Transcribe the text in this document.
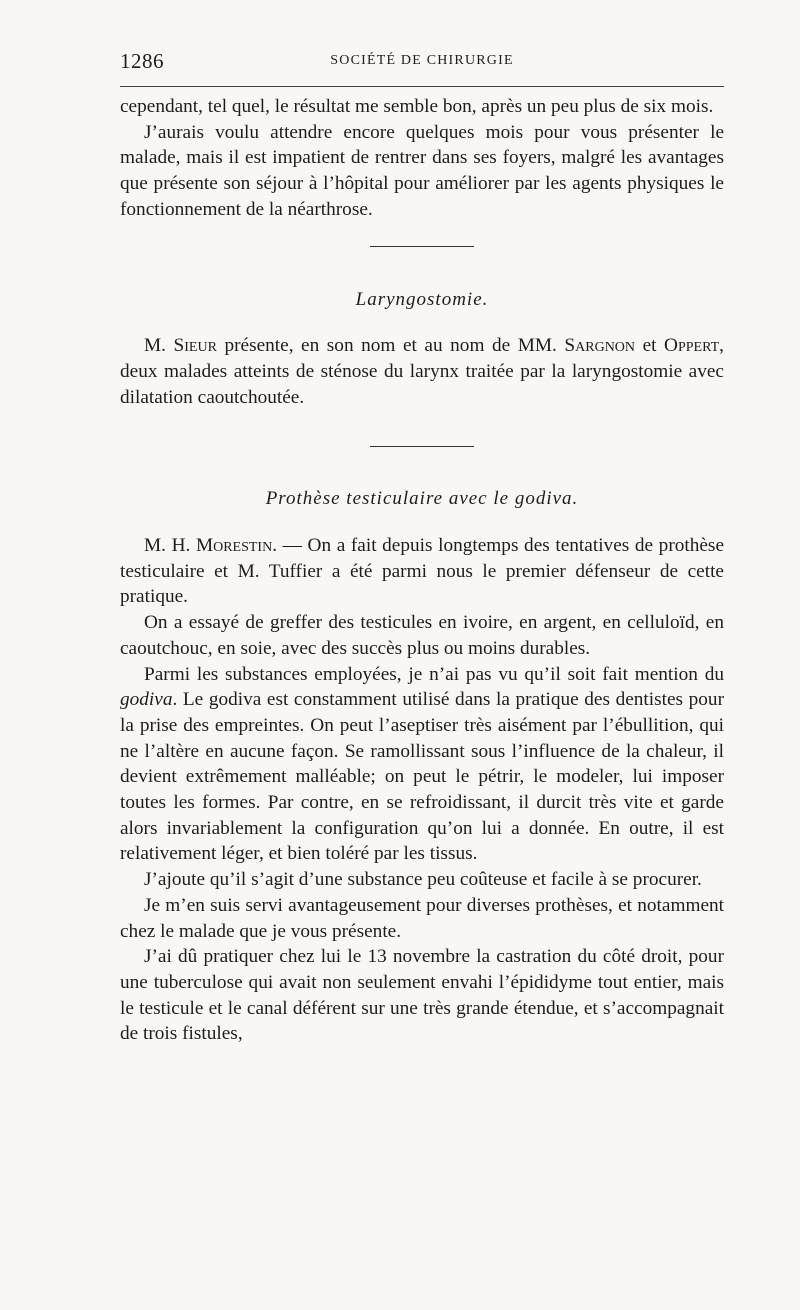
1286	SOCIÉTÉ DE CHIRURGIE

cependant, tel quel, le résultat me semble bon, après un peu plus de six mois.

J’aurais voulu attendre encore quelques mois pour vous présenter le malade, mais il est impatient de rentrer dans ses foyers, malgré les avantages que présente son séjour à l’hôpital pour améliorer par les agents physiques le fonctionnement de la néarthrose.

Laryngostomie.

M. Sieur présente, en son nom et au nom de MM. Sargnon et Oppert, deux malades atteints de sténose du larynx traitée par la laryngostomie avec dilatation caoutchoutée.

Prothèse testiculaire avec le godiva.

M. H. Morestin. — On a fait depuis longtemps des tentatives de prothèse testiculaire et M. Tuffier a été parmi nous le premier défenseur de cette pratique.

On a essayé de greffer des testicules en ivoire, en argent, en celluloïd, en caoutchouc, en soie, avec des succès plus ou moins durables.

Parmi les substances employées, je n’ai pas vu qu’il soit fait mention du godiva. Le godiva est constamment utilisé dans la pratique des dentistes pour la prise des empreintes. On peut l’aseptiser très aisément par l’ébullition, qui ne l’altère en aucune façon. Se ramollissant sous l’influence de la chaleur, il devient extrêmement malléable; on peut le pétrir, le modeler, lui imposer toutes les formes. Par contre, en se refroidissant, il durcit très vite et garde alors invariablement la configuration qu’on lui a donnée. En outre, il est relativement léger, et bien toléré par les tissus.

J’ajoute qu’il s’agit d’une substance peu coûteuse et facile à se procurer.

Je m’en suis servi avantageusement pour diverses prothèses, et notamment chez le malade que je vous présente.

J’ai dû pratiquer chez lui le 13 novembre la castration du côté droit, pour une tuberculose qui avait non seulement envahi l’épididyme tout entier, mais le testicule et le canal déférent sur une très grande étendue, et s’accompagnait de trois fistules,
